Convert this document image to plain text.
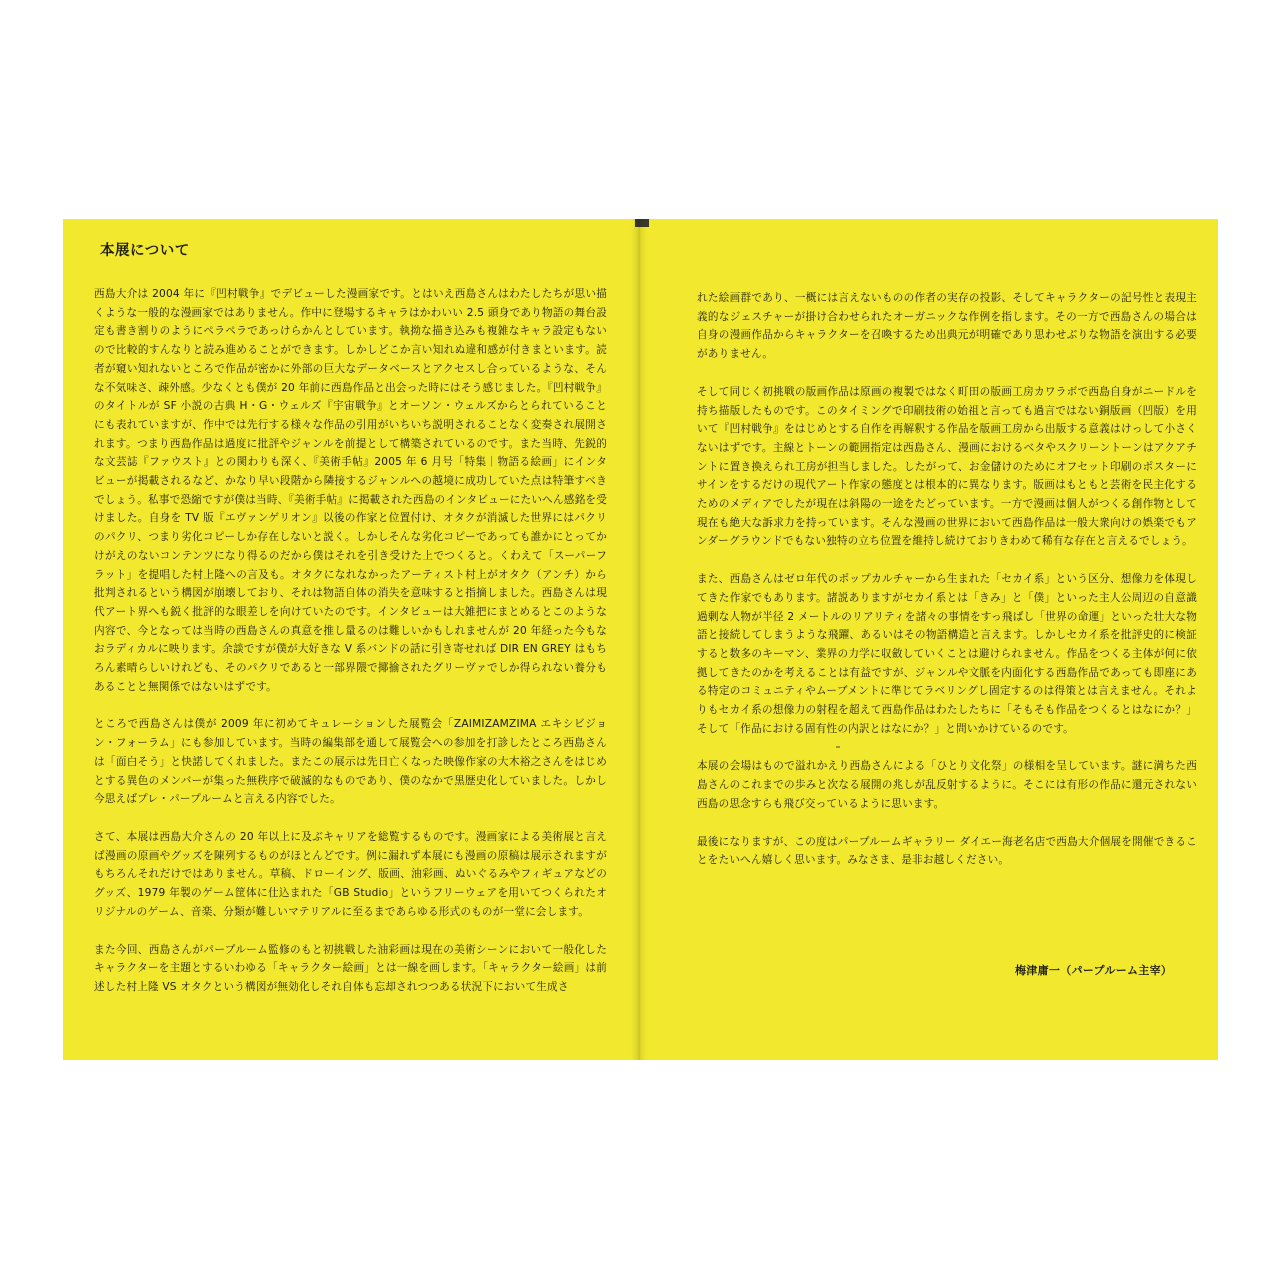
本展について

西島大介は 2004 年に『凹村戦争』でデビューした漫画家です。とはいえ西島さんはわたしたちが思い描くような一般的な漫画家ではありません。作中に登場するキャラはかわいい 2.5 頭身であり物語の舞台設定も書き割りのようにペラペラであっけらかんとしています。執拗な描き込みも複雑なキャラ設定もないので比較的すんなりと読み進めることができます。しかしどこか言い知れぬ違和感が付きまといます。読者が窺い知れないところで作品が密かに外部の巨大なデータベースとアクセスし合っているような、そんな不気味さ、疎外感。少なくとも僕が 20 年前に西島作品と出会った時にはそう感じました。『凹村戦争』のタイトルが SF 小説の古典 H・G・ウェルズ『宇宙戦争』とオーソン・ウェルズからとられていることにも表れていますが、作中では先行する様々な作品の引用がいちいち説明されることなく変奏され展開されます。つまり西島作品は過度に批評やジャンルを前提として構築されているのです。また当時、先鋭的な文芸誌『ファウスト』との関わりも深く、『美術手帖』2005 年 6 月号「特集｜物語る絵画」にインタビューが掲載されるなど、かなり早い段階から隣接するジャンルへの越境に成功していた点は特筆すべきでしょう。私事で恐縮ですが僕は当時、『美術手帖』に掲載された西島のインタビューにたいへん感銘を受けました。自身を TV 版『エヴァンゲリオン』以後の作家と位置付け、オタクが消滅した世界にはパクリのパクリ、つまり劣化コピーしか存在しないと説く。しかしそんな劣化コピーであっても誰かにとってかけがえのないコンテンツになり得るのだから僕はそれを引き受けた上でつくると。くわえて「スーパーフラット」を提唱した村上隆への言及も。オタクになれなかったアーティスト村上がオタク（アンチ）から批判されるという構図が崩壊しており、それは物語自体の消失を意味すると指摘しました。西島さんは現代アート界へも鋭く批評的な眼差しを向けていたのです。インタビューは大雑把にまとめるとこのような内容で、今となっては当時の西島さんの真意を推し量るのは難しいかもしれませんが 20 年経った今もなおラディカルに映ります。余談ですが僕が大好きな V 系バンドの話に引き寄せれば DIR EN GREY はもちろん素晴らしいけれども、そのパクリであると一部界隈で揶揄されたグリーヴァでしか得られない養分もあることと無関係ではないはずです。

ところで西島さんは僕が 2009 年に初めてキュレーションした展覧会「ZAIMIZAMZIMA エキシビジョン・フォーラム」にも参加しています。当時の編集部を通して展覧会への参加を打診したところ西島さんは「面白そう」と快諾してくれました。またこの展示は先日亡くなった映像作家の大木裕之さんをはじめとする異色のメンバーが集った無秩序で破滅的なものであり、僕のなかで黒歴史化していました。しかし今思えばプレ・パープルームと言える内容でした。

さて、本展は西島大介さんの 20 年以上に及ぶキャリアを総覧するものです。漫画家による美術展と言えば漫画の原画やグッズを陳列するものがほとんどです。例に漏れず本展にも漫画の原稿は展示されますがもちろんそれだけではありません。草稿、ドローイング、版画、油彩画、ぬいぐるみやフィギュアなどのグッズ、1979 年製のゲーム筐体に仕込まれた「GB Studio」というフリーウェアを用いてつくられたオリジナルのゲーム、音楽、分類が難しいマテリアルに至るまであらゆる形式のものが一堂に会します。

また今回、西島さんがパープルーム監修のもと初挑戦した油彩画は現在の美術シーンにおいて一般化したキャラクターを主題とするいわゆる「キャラクター絵画」とは一線を画します。「キャラクター絵画」は前述した村上隆 VS オタクという構図が無効化しそれ自体も忘却されつつある状況下において生成さ

れた絵画群であり、一概には言えないものの作者の実存の投影、そしてキャラクターの記号性と表現主義的なジェスチャーが掛け合わせられたオーガニックな作例を指します。その一方で西島さんの場合は自身の漫画作品からキャラクターを召喚するため出典元が明確であり思わせぶりな物語を演出する必要がありません。

そして同じく初挑戦の版画作品は原画の複製ではなく町田の版画工房カワラボで西島自身がニードルを持ち描版したものです。このタイミングで印刷技術の始祖と言っても過言ではない銅版画（凹版）を用いて『凹村戦争』をはじめとする自作を再解釈する作品を版画工房から出版する意義はけっして小さくないはずです。主線とトーンの範囲指定は西島さん、漫画におけるベタやスクリーントーンはアクアチントに置き換えられ工房が担当しました。したがって、お金儲けのためにオフセット印刷のポスターにサインをするだけの現代アート作家の態度とは根本的に異なります。版画はもともと芸術を民主化するためのメディアでしたが現在は斜陽の一途をたどっています。一方で漫画は個人がつくる創作物として現在も絶大な訴求力を持っています。そんな漫画の世界において西島作品は一般大衆向けの娯楽でもアンダーグラウンドでもない独特の立ち位置を維持し続けておりきわめて稀有な存在と言えるでしょう。

また、西島さんはゼロ年代のポップカルチャーから生まれた「セカイ系」という区分、想像力を体現してきた作家でもあります。諸説ありますがセカイ系とは「きみ」と「僕」といった主人公周辺の自意識過剰な人物が半径 2 メートルのリアリティを諸々の事情をすっ飛ばし「世界の命運」といった壮大な物語と接続してしまうような飛躍、あるいはその物語構造と言えます。しかしセカイ系を批評史的に検証すると数多のキーマン、業界の力学に収斂していくことは避けられません。作品をつくる主体が何に依拠してきたのかを考えることは有益ですが、ジャンルや文脈を内面化する西島作品であっても即座にある特定のコミュニティやムーブメントに準じてラベリングし固定するのは得策とは言えません。それよりもセカイ系の想像力の射程を超えて西島作品はわたしたちに「そもそも作品をつくるとはなにか？」そして「作品における固有性の内訳とはなにか？」と問いかけているのです。

本展の会場はもので溢れかえり西島さんによる「ひとり文化祭」の様相を呈しています。謎に満ちた西島さんのこれまでの歩みと次なる展開の兆しが乱反射するように。そこには有形の作品に還元されない西島の思念すらも飛び交っているように思います。

最後になりますが、この度はパープルームギャラリー ダイエー海老名店で西島大介個展を開催できることをたいへん嬉しく思います。みなさま、是非お越しください。

梅津庸一（パープルーム主宰）
